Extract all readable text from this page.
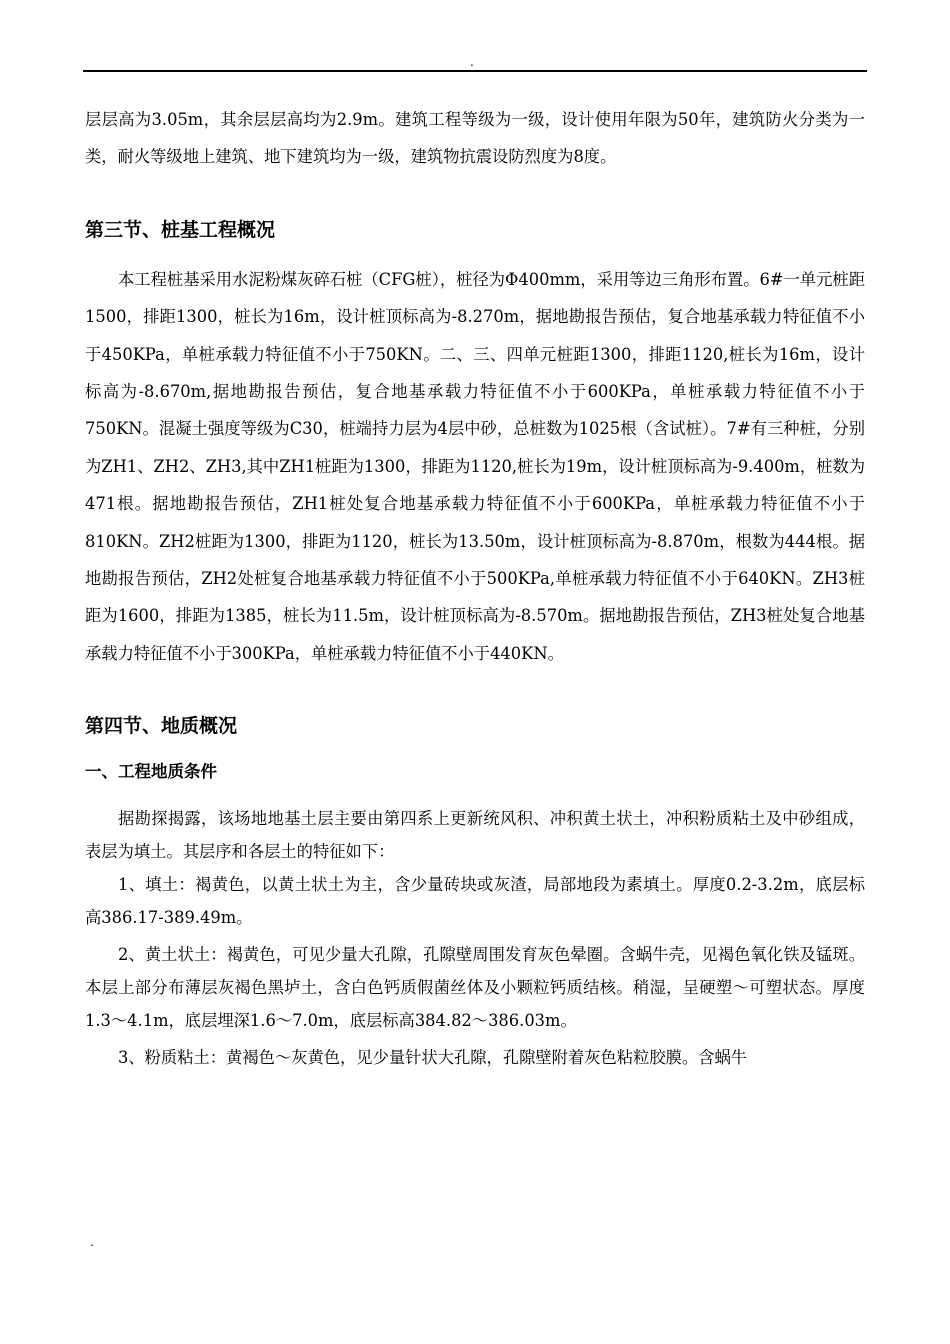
.

层层高为3.05m，其余层层高均为2.9m。建筑工程等级为一级，设计使用年限为50年，建筑防火分类为一类，耐火等级地上建筑、地下建筑均为一级，建筑物抗震设防烈度为8度。

第三节、桩基工程概况

本工程桩基采用水泥粉煤灰碎石桩（CFG桩），桩径为Φ400mm，采用等边三角形布置。6#一单元桩距1500，排距1300，桩长为16m，设计桩顶标高为-8.270m，据地勘报告预估，复合地基承载力特征值不小于450KPa，单桩承载力特征值不小于750KN。二、三、四单元桩距1300，排距1120,桩长为16m，设计标高为-8.670m,据地勘报告预估，复合地基承载力特征值不小于600KPa，单桩承载力特征值不小于750KN。混凝土强度等级为C30，桩端持力层为4层中砂，总桩数为1025根（含试桩）。7#有三种桩，分别为ZH1、ZH2、ZH3,其中ZH1桩距为1300，排距为1120,桩长为19m，设计桩顶标高为-9.400m，桩数为471根。据地勘报告预估，ZH1桩处复合地基承载力特征值不小于600KPa，单桩承载力特征值不小于810KN。ZH2桩距为1300，排距为1120，桩长为13.50m，设计桩顶标高为-8.870m，根数为444根。据地勘报告预估，ZH2处桩复合地基承载力特征值不小于500KPa,单桩承载力特征值不小于640KN。ZH3桩距为1600，排距为1385，桩长为11.5m，设计桩顶标高为-8.570m。据地勘报告预估，ZH3桩处复合地基承载力特征值不小于300KPa，单桩承载力特征值不小于440KN。

第四节、地质概况
一、工程地质条件

据勘探揭露，该场地地基土层主要由第四系上更新统风积、冲积黄土状土，冲积粉质粘土及中砂组成，表层为填土。其层序和各层土的特征如下：

1、填土：褐黄色，以黄土状土为主，含少量砖块或灰渣，局部地段为素填土。厚度0.2-3.2m，底层标高386.17-389.49m。

2、黄土状土：褐黄色，可见少量大孔隙，孔隙壁周围发育灰色晕圈。含蜗牛壳，见褐色氧化铁及锰斑。本层上部分布薄层灰褐色黑垆土，含白色钙质假菌丝体及小颗粒钙质结核。稍湿，呈硬塑～可塑状态。厚度1.3～4.1m，底层埋深1.6～7.0m，底层标高384.82～386.03m。

3、粉质粘土：黄褐色～灰黄色，见少量针状大孔隙，孔隙壁附着灰色粘粒胶膜。含蜗牛

.
